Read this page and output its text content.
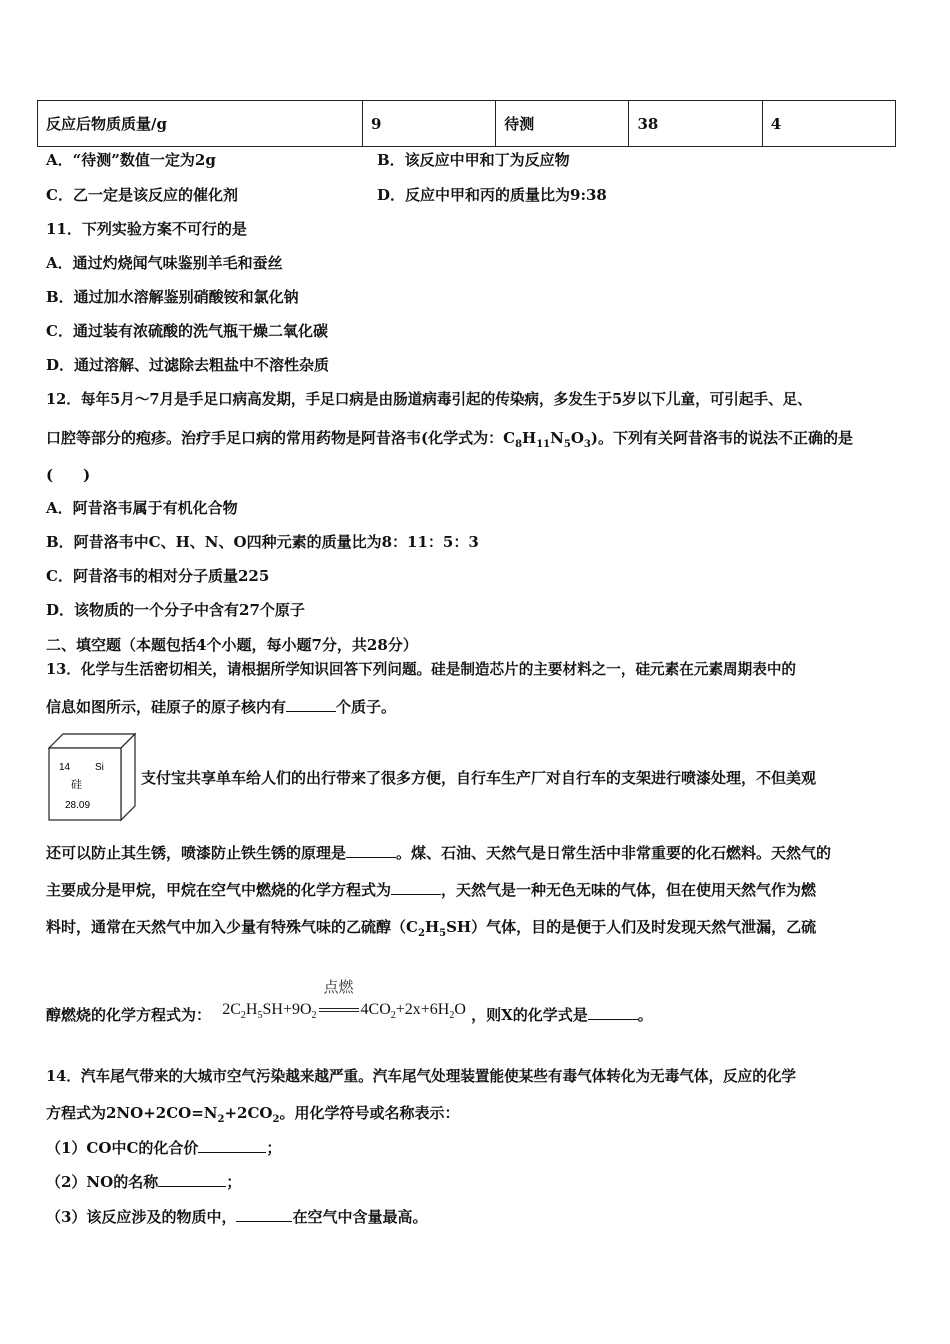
反应后物质质量/g	9	待测	38	4
A．“待测”数值一定为2g	B．该反应中甲和丁为反应物
C．乙一定是该反应的催化剂	D．反应中甲和丙的质量比为9:38
11．下列实验方案不可行的是
A．通过灼烧闻气味鉴别羊毛和蚕丝
B．通过加水溶解鉴别硝酸铵和氯化钠
C．通过装有浓硫酸的洗气瓶干燥二氧化碳
D．通过溶解、过滤除去粗盐中不溶性杂质
12．每年5月～7月是手足口病高发期，手足口病是由肠道病毒引起的传染病，多发生于5岁以下儿童，可引起手、足、
口腔等部分的疱疹。治疗手足口病的常用药物是阿昔洛韦(化学式为：$C_8H_{11}N_5O_3$)。下列有关阿昔洛韦的说法不正确的是
(　　)
A．阿昔洛韦属于有机化合物
B．阿昔洛韦中C、H、N、O四种元素的质量比为8：11：5：3
C．阿昔洛韦的相对分子质量225
D．该物质的一个分子中含有27个原子
二、填空题（本题包括4个小题，每小题7分，共28分）
13．化学与生活密切相关，请根据所学知识回答下列问题。硅是制造芯片的主要材料之一，硅元素在元素周期表中的
信息如图所示，硅原子的原子核内有	个质子。
14 Si
硅
28.09
支付宝共享单车给人们的出行带来了很多方便，自行车生产厂对自行车的支架进行喷漆处理，不但美观
还可以防止其生锈，喷漆防止铁生锈的原理是	。煤、石油、天然气是日常生活中非常重要的化石燃料。天然气的
主要成分是甲烷，甲烷在空气中燃烧的化学方程式为	，天然气是一种无色无味的气体，但在使用天然气作为燃
料时，通常在天然气中加入少量有特殊气味的乙硫醇$(C_2H_5SH)$气体，目的是便于人们及时发现天然气泄漏，乙硫
醇燃烧的化学方程式为： $2C_2H_5SH+9O_2$
点燃
$4CO_2+2x+6H_2O$ ，则X的化学式是	。
14．汽车尾气带来的大城市空气污染越来越严重。汽车尾气处理装置能使某些有毒气体转化为无毒气体，反应的化学
方程式为$2NO+2CO=N_2+2CO_2$。用化学符号或名称表示：
（1）CO中C的化合价	；
（2）NO的名称	；
（3）该反应涉及的物质中，	在空气中含量最高。
